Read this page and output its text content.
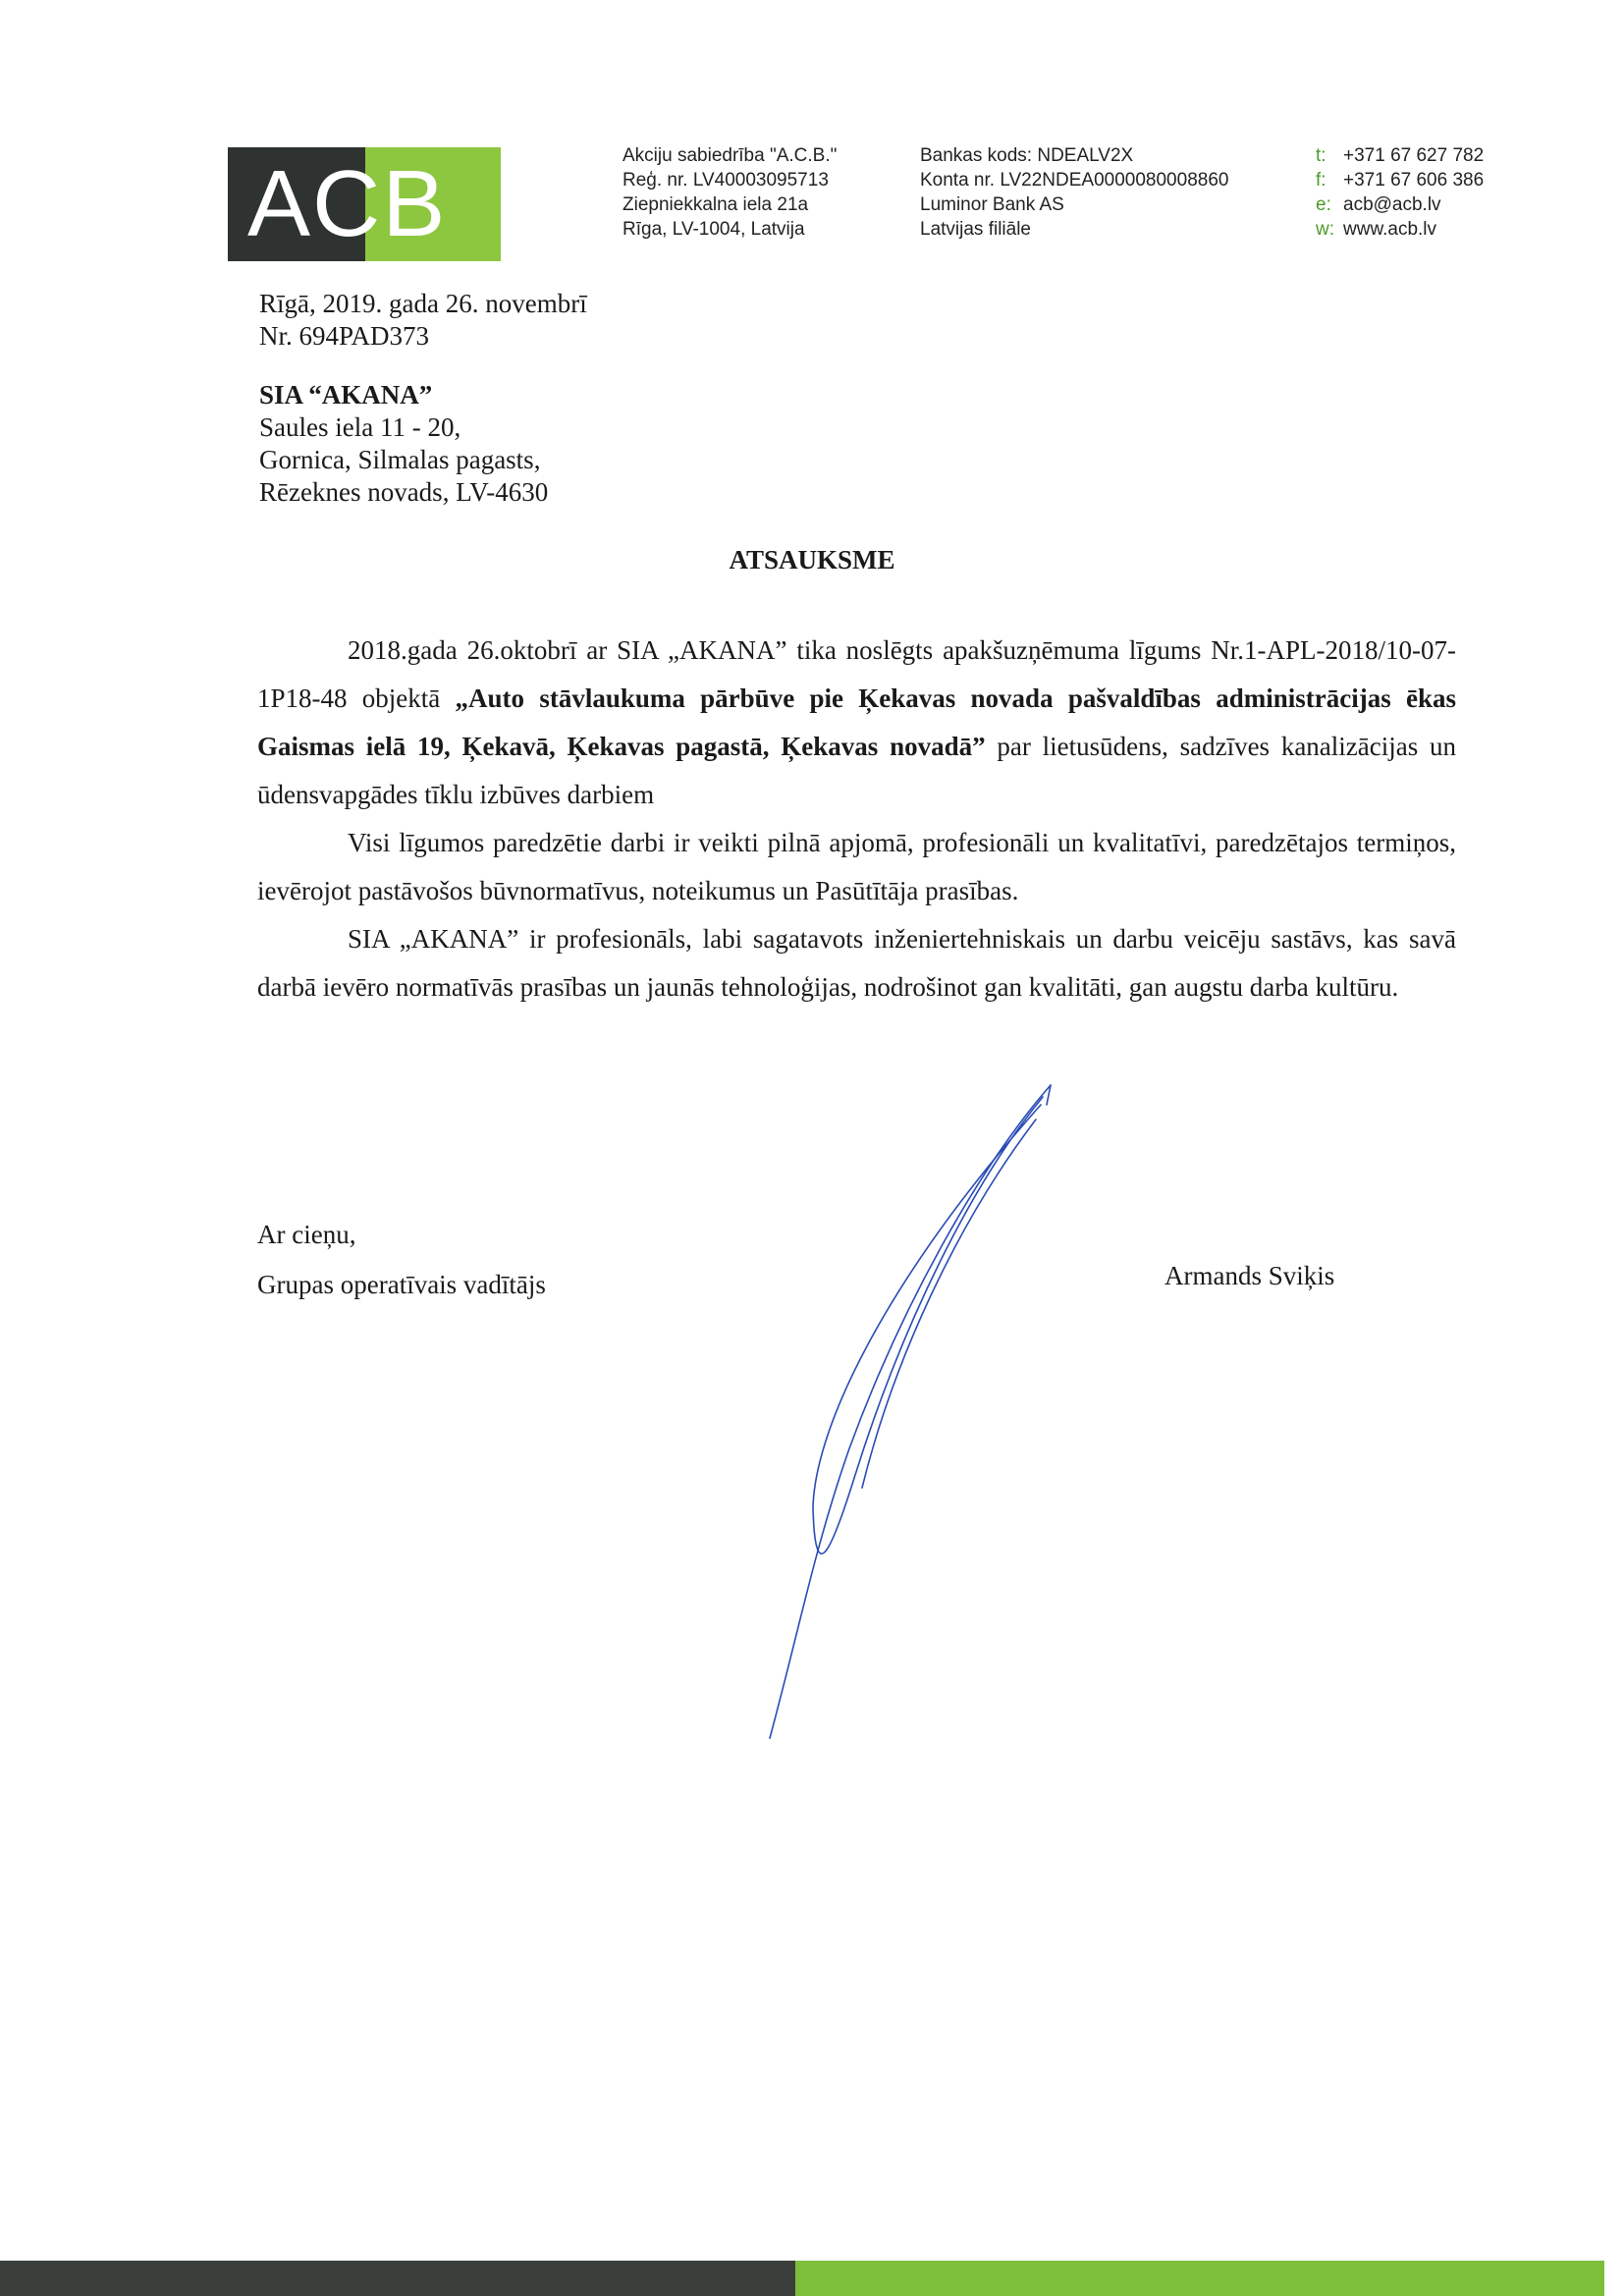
ACB	Akciju sabiedrība "A.C.B."
Reģ. nr. LV40003095713
Ziepniekkalna iela 21a
Rīga, LV-1004, Latvija
Bankas kods: NDEALV2X
Konta nr. LV22NDEA0000080008860
Luminor Bank AS
Latvijas filiāle
t: +371 67 627 782
f: +371 67 606 386
e: acb@acb.lv
w: www.acb.lv
Rīgā, 2019. gada 26. novembrī
Nr. 694PAD373
SIA “AKANA”
Saules iela 11 - 20,
Gornica, Silmalas pagasts,
Rēzeknes novads, LV-4630
ATSAUKSME

2018.gada 26.oktobrī ar SIA „AKANA” tika noslēgts apakšuzņēmuma līgums Nr.1-APL-2018/10-07-1P18-48 objektā „Auto stāvlaukuma pārbūve pie Ķekavas novada pašvaldības administrācijas ēkas Gaismas ielā 19, Ķekavā, Ķekavas pagastā, Ķekavas novadā” par lietusūdens, sadzīves kanalizācijas un ūdensvapgādes tīklu izbūves darbiem

Visi līgumos paredzētie darbi ir veikti pilnā apjomā, profesionāli un kvalitatīvi, paredzētajos termiņos, ievērojot pastāvošos būvnormatīvus, noteikumus un Pasūtītāja prasības.

SIA „AKANA” ir profesionāls, labi sagatavots inženiertehniskais un darbu veicēju sastāvs, kas savā darbā ievēro normatīvās prasības un jaunās tehnoloģijas, nodrošinot gan kvalitāti, gan augstu darba kultūru.

Ar cieņu,
Grupas operatīvais vadītājs	Armands Sviķis
